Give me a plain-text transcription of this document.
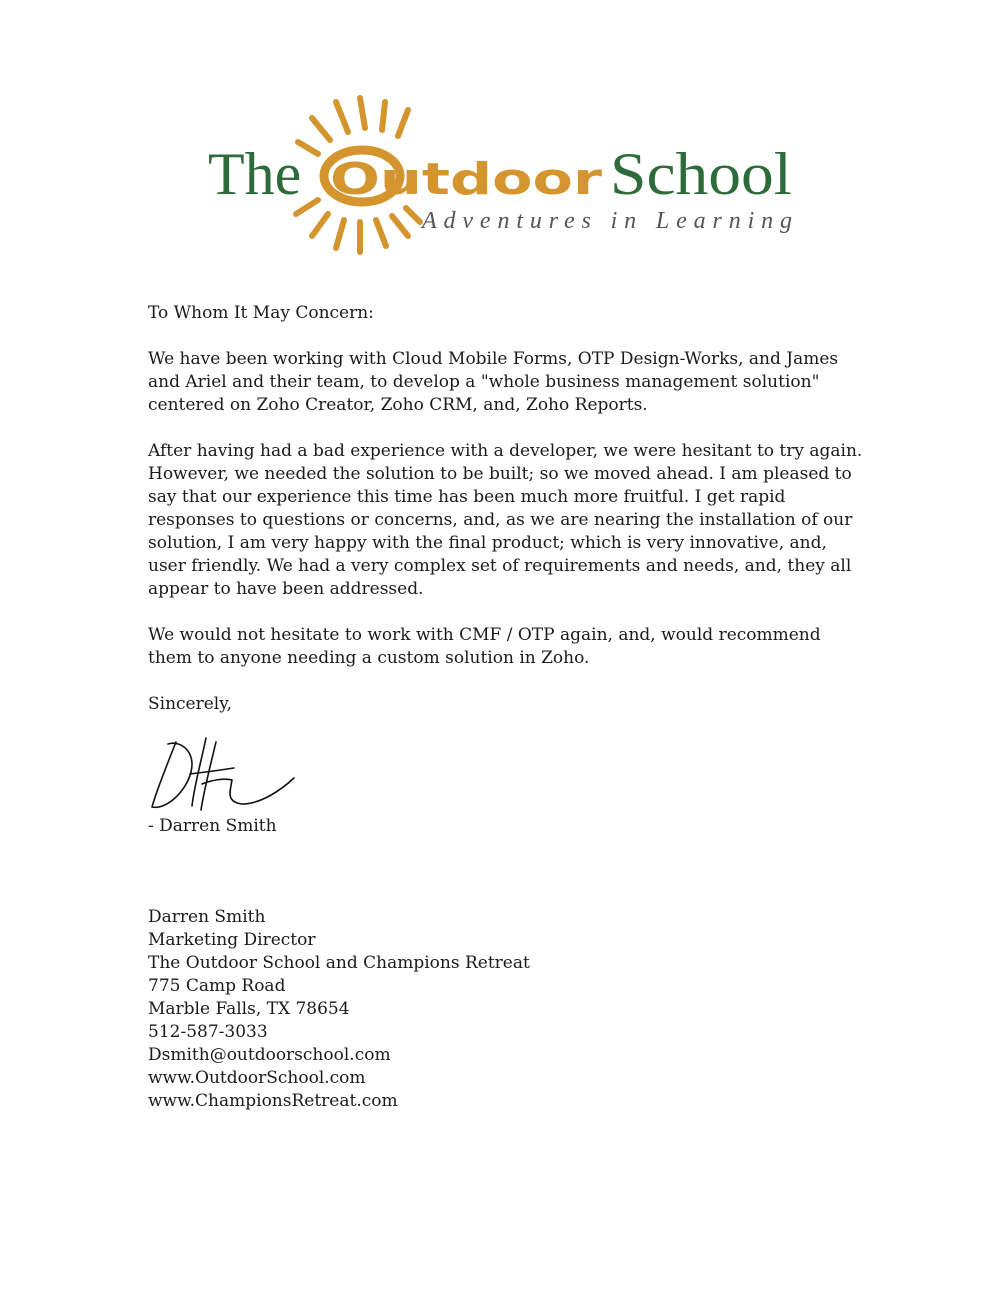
The Outdoor School
Adventures in Learning

To Whom It May Concern:

We have been working with Cloud Mobile Forms, OTP Design-Works, and James and Ariel and their team, to develop a "whole business management solution" centered on Zoho Creator, Zoho CRM, and, Zoho Reports.

After having had a bad experience with a developer, we were hesitant to try again. However, we needed the solution to be built; so we moved ahead. I am pleased to say that our experience this time has been much more fruitful. I get rapid responses to questions or concerns, and, as we are nearing the installation of our solution, I am very happy with the final product; which is very innovative, and, user friendly. We had a very complex set of requirements and needs, and, they all appear to have been addressed.

We would not hesitate to work with CMF / OTP again, and, would recommend them to anyone needing a custom solution in Zoho.

Sincerely,

- Darren Smith

Darren Smith
Marketing Director
The Outdoor School and Champions Retreat
775 Camp Road
Marble Falls, TX 78654
512-587-3033
Dsmith@outdoorschool.com
www.OutdoorSchool.com
www.ChampionsRetreat.com
